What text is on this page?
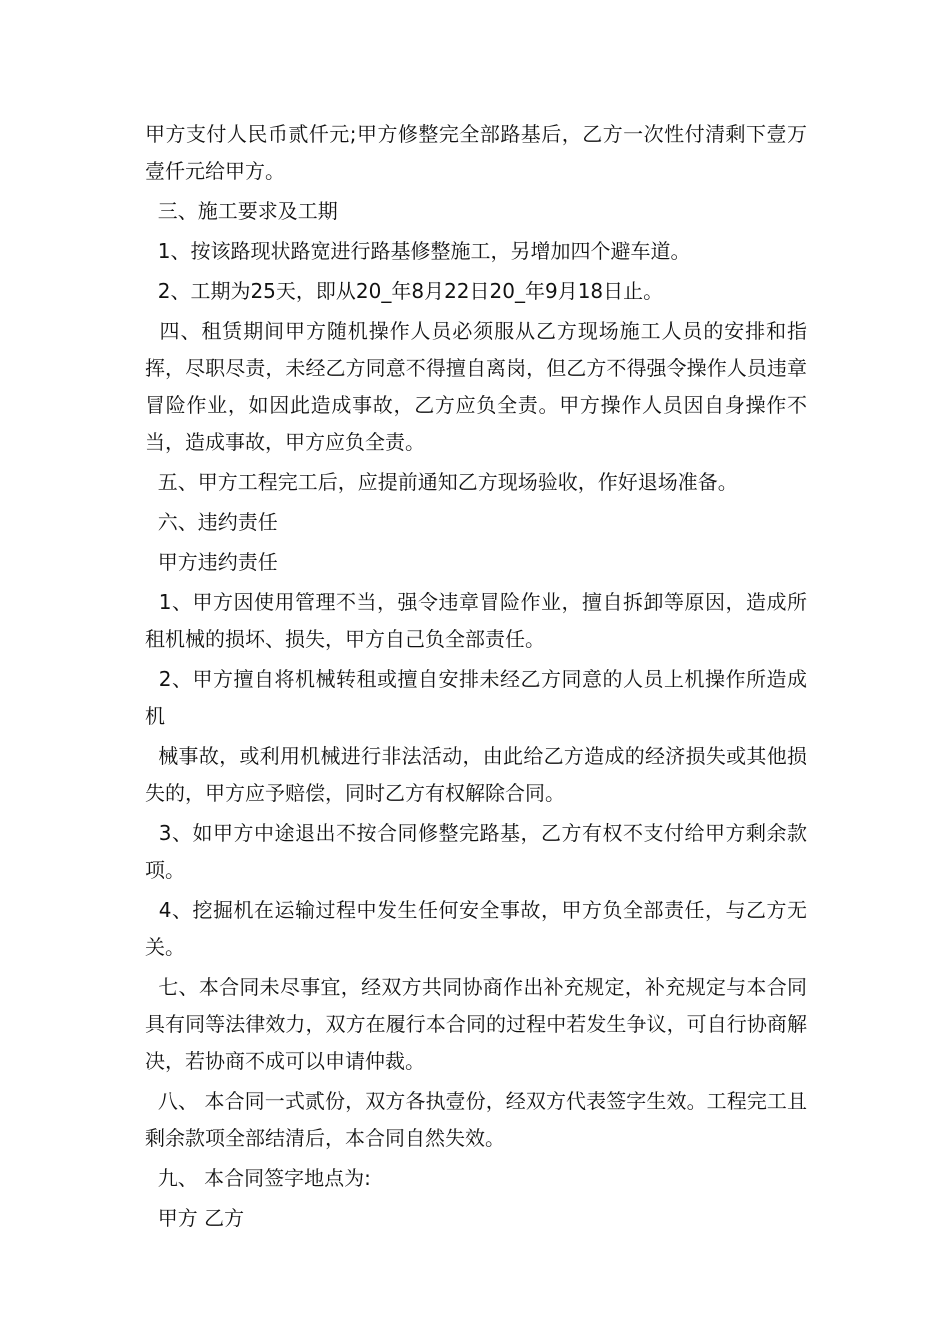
甲方支付人民币贰仟元;甲方修整完全部路基后，乙方一次性付清剩下壹万壹仟元给甲方。

三、施工要求及工期

1、按该路现状路宽进行路基修整施工，另增加四个避车道。

2、工期为25天，即从20_年8月22日20_年9月18日止。

四、租赁期间甲方随机操作人员必须服从乙方现场施工人员的安排和指挥，尽职尽责，未经乙方同意不得擅自离岗，但乙方不得强令操作人员违章冒险作业，如因此造成事故，乙方应负全责。甲方操作人员因自身操作不当，造成事故，甲方应负全责。

五、甲方工程完工后，应提前通知乙方现场验收，作好退场准备。

六、违约责任

甲方违约责任

1、甲方因使用管理不当，强令违章冒险作业，擅自拆卸等原因，造成所租机械的损坏、损失，甲方自己负全部责任。

2、甲方擅自将机械转租或擅自安排未经乙方同意的人员上机操作所造成机

械事故，或利用机械进行非法活动，由此给乙方造成的经济损失或其他损失的，甲方应予赔偿，同时乙方有权解除合同。

3、如甲方中途退出不按合同修整完路基，乙方有权不支付给甲方剩余款项。

4、挖掘机在运输过程中发生任何安全事故，甲方负全部责任，与乙方无关。

七、本合同未尽事宜，经双方共同协商作出补充规定，补充规定与本合同具有同等法律效力，双方在履行本合同的过程中若发生争议，可自行协商解决，若协商不成可以申请仲裁。

八、 本合同一式贰份，双方各执壹份，经双方代表签字生效。工程完工且剩余款项全部结清后，本合同自然失效。

九、 本合同签字地点为:

甲方 乙方
